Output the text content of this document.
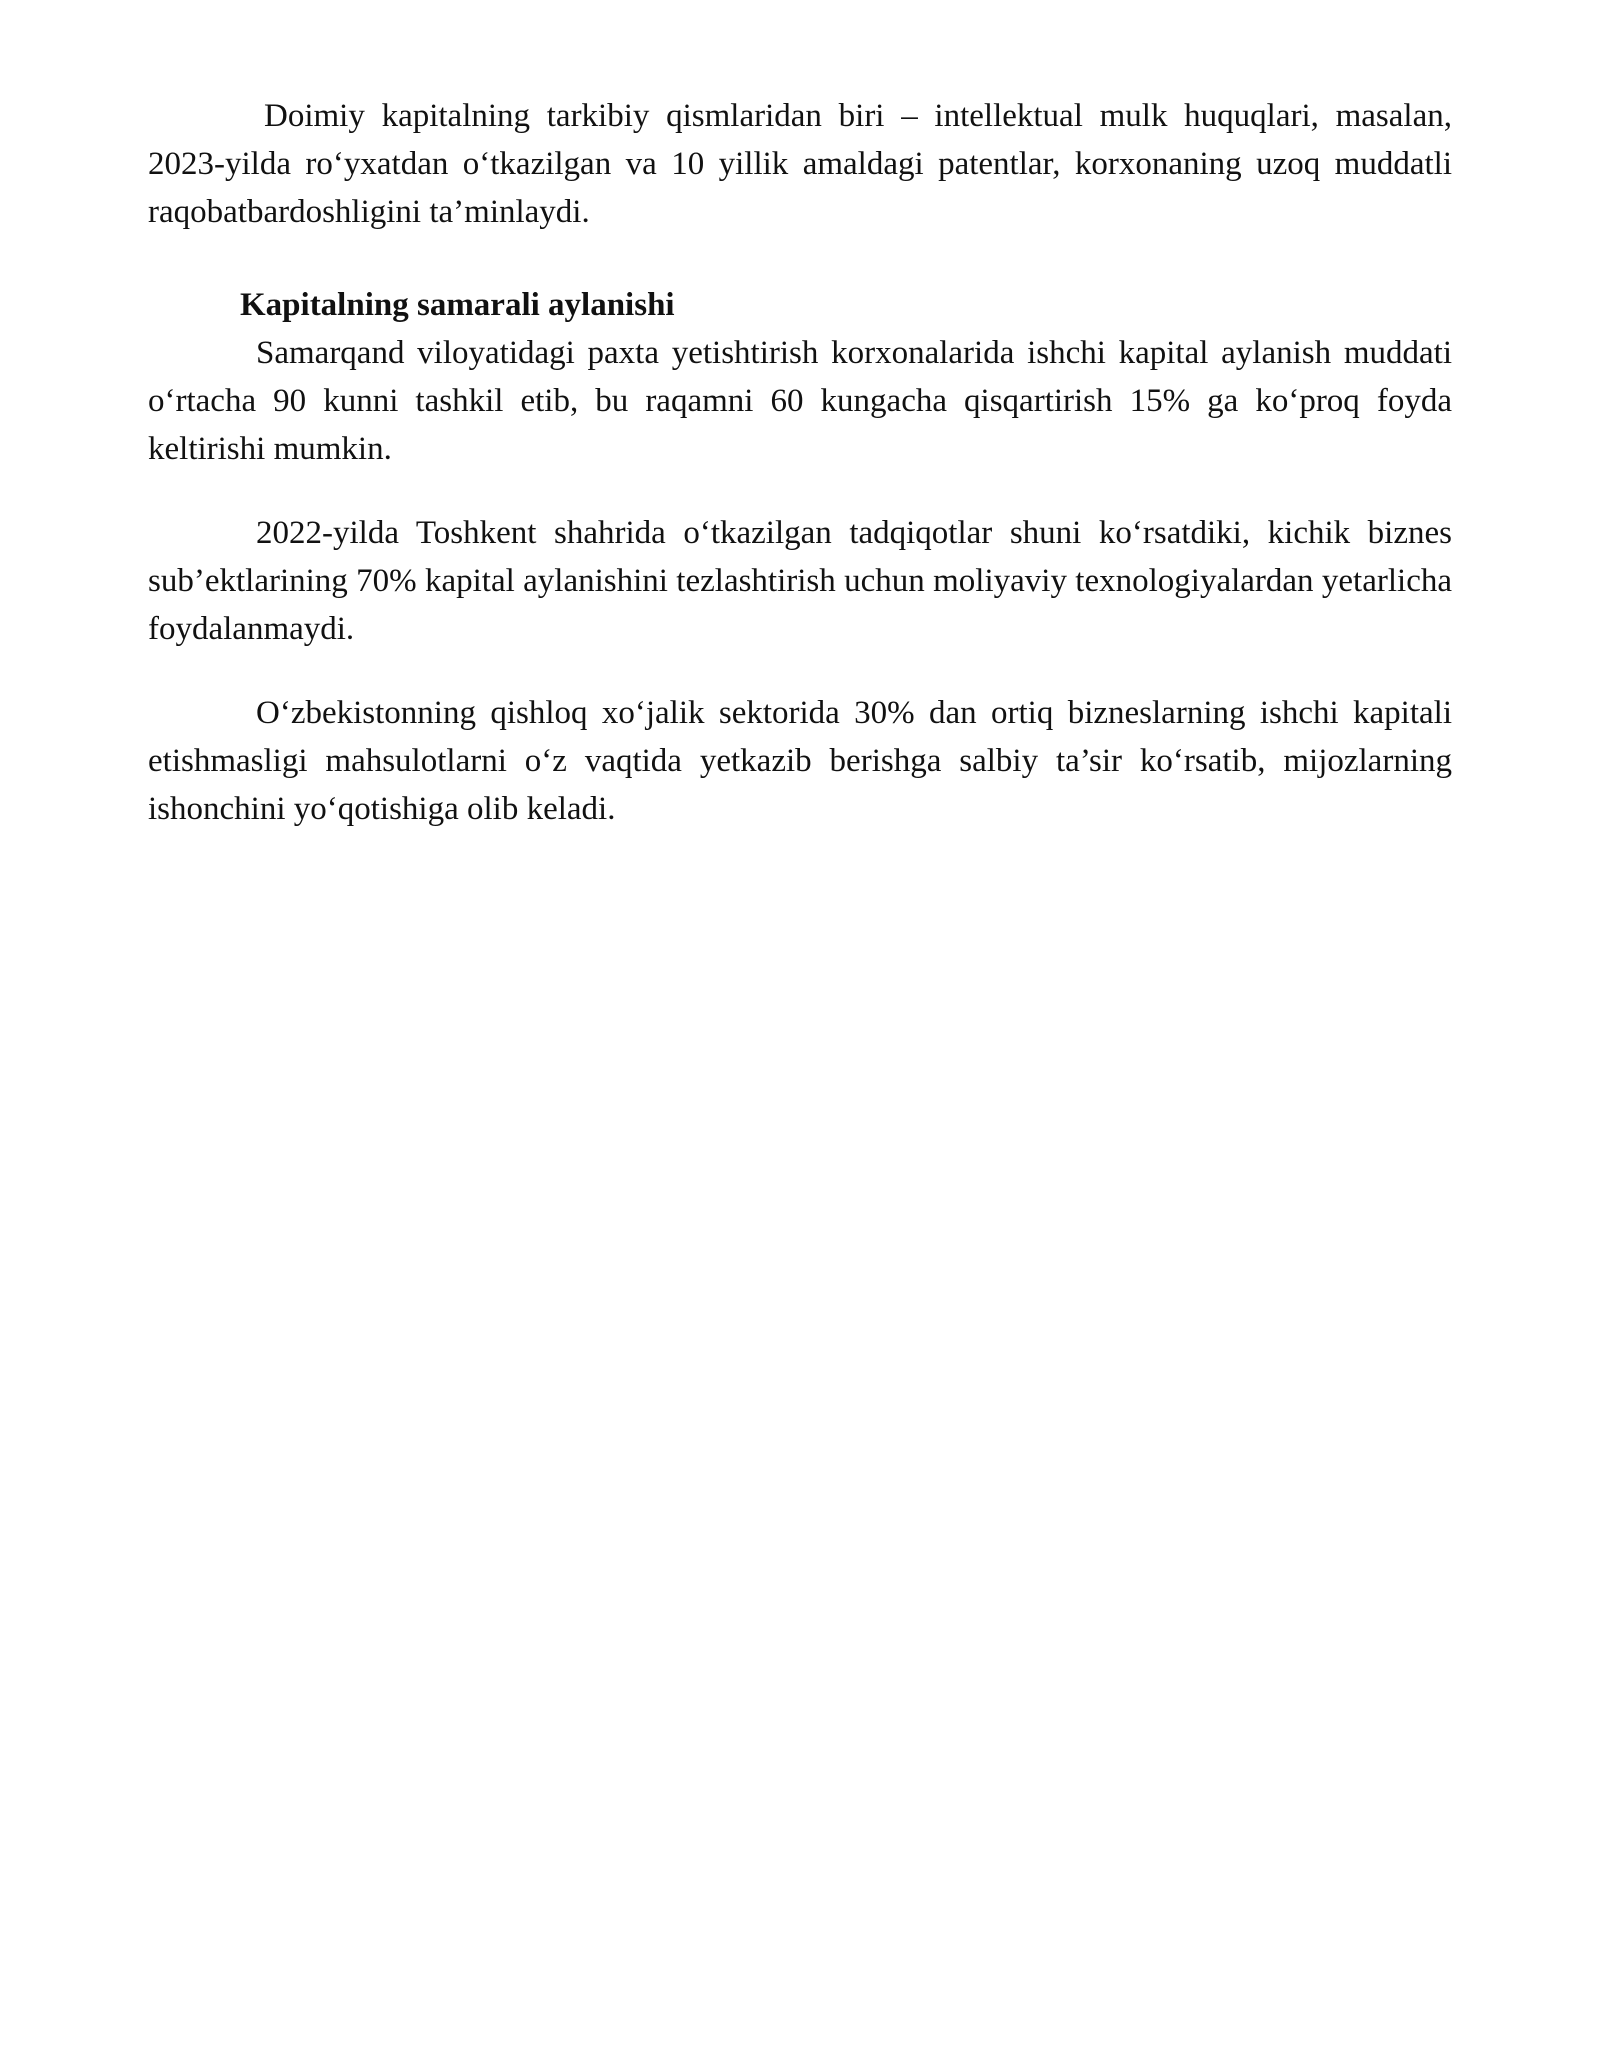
Doimiy kapitalning tarkibiy qismlaridan biri – intellektual mulk huquqlari, masalan, 2023-yilda ro‘yxatdan o‘tkazilgan va 10 yillik amaldagi patentlar, korxonaning uzoq muddatli raqobatbardoshligini ta’minlaydi.

Kapitalning samarali aylanishi

Samarqand viloyatidagi paxta yetishtirish korxonalarida ishchi kapital aylanish muddati o‘rtacha 90 kunni tashkil etib, bu raqamni 60 kungacha qisqartirish 15% ga ko‘proq foyda keltirishi mumkin.

2022-yilda Toshkent shahrida o‘tkazilgan tadqiqotlar shuni ko‘rsatdiki, kichik biznes sub’ektlarining 70% kapital aylanishini tezlashtirish uchun moliyaviy texnologiyalardan yetarlicha foydalanmaydi.

O‘zbekistonning qishloq xo‘jalik sektorida 30% dan ortiq bizneslarning ishchi kapitali etishmasligi mahsulotlarni o‘z vaqtida yetkazib berishga salbiy ta’sir ko‘rsatib, mijozlarning ishonchini yo‘qotishiga olib keladi.
